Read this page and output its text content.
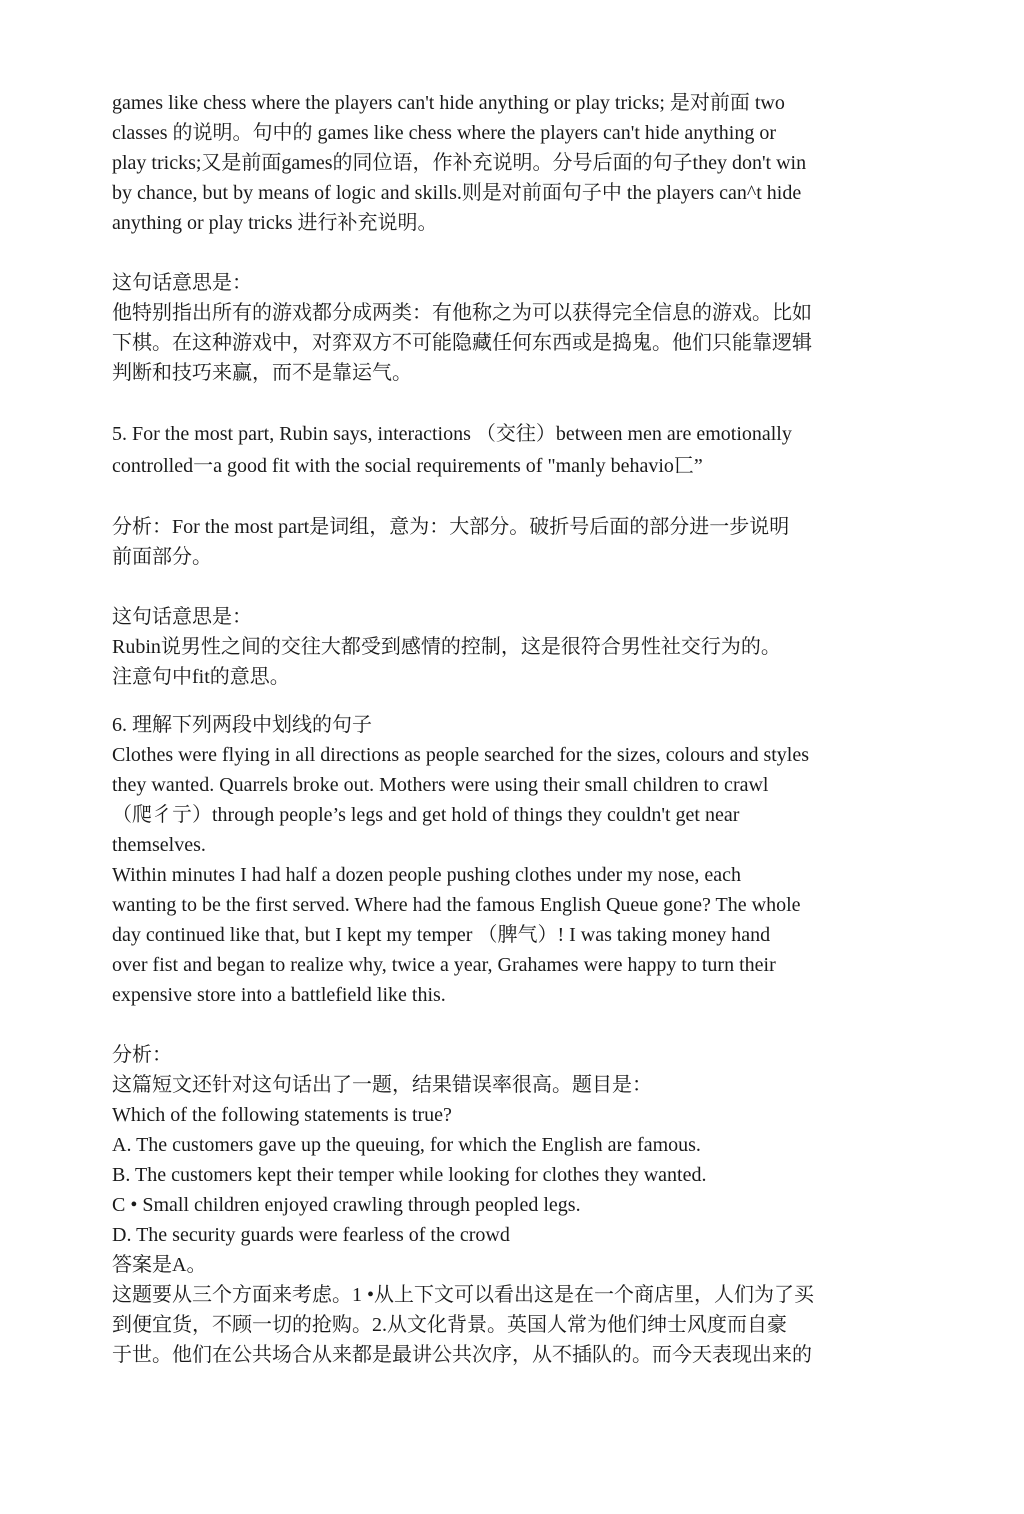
games like chess where the players can't hide anything or play tricks; 是对前面 two

classes 的说明。句中的 games like chess where the players can't hide anything or

play tricks;又是前面games的同位语，作补充说明。分号后面的句子they don't win

by chance, but by means of logic and skills.则是对前面句子中 the players can^t hide

anything or play tricks 进行补充说明。

这句话意思是：

他特别指出所有的游戏都分成两类：有他称之为可以获得完全信息的游戏。比如

下棋。在这种游戏中，对弈双方不可能隐藏任何东西或是捣鬼。他们只能靠逻辑

判断和技巧来赢，而不是靠运气。

5. For the most part, Rubin says, interactions （交往）between men are emotionally

controlled一a good fit with the social requirements of "manly behavio匸”

分析：For the most part是词组，意为：大部分。破折号后面的部分进一步说明

前面部分。

这句话意思是：

Rubin说男性之间的交往大都受到感情的控制，这是很符合男性社交行为的。

注意句中fit的意思。

6. 理解下列两段中划线的句子

Clothes were flying in all directions as people searched for the sizes, colours and styles

they wanted. Quarrels broke out. Mothers were using their small children to crawl

（爬彳亍）through people’s legs and get hold of things they couldn't get near

themselves.

Within minutes I had half a dozen people pushing clothes under my nose, each

wanting to be the first served. Where had the famous English Queue gone? The whole

day continued like that, but I kept my temper （脾气）! I was taking money hand

over fist and began to realize why, twice a year, Grahames were happy to turn their

expensive store into a battlefield like this.

分析：

这篇短文还针对这句话出了一题，结果错误率很高。题目是：

Which of the following statements is true?

A. The customers gave up the queuing, for which the English are famous.

B. The customers kept their temper while looking for clothes they wanted.

C • Small children enjoyed crawling through peopled legs.

D. The security guards were fearless of the crowd

答案是A。

这题要从三个方面来考虑。1 •从上下文可以看出这是在一个商店里，人们为了买

到便宜货，不顾一切的抢购。2.从文化背景。英国人常为他们绅士风度而自豪

于世。他们在公共场合从来都是最讲公共次序，从不插队的。而今天表现出来的
